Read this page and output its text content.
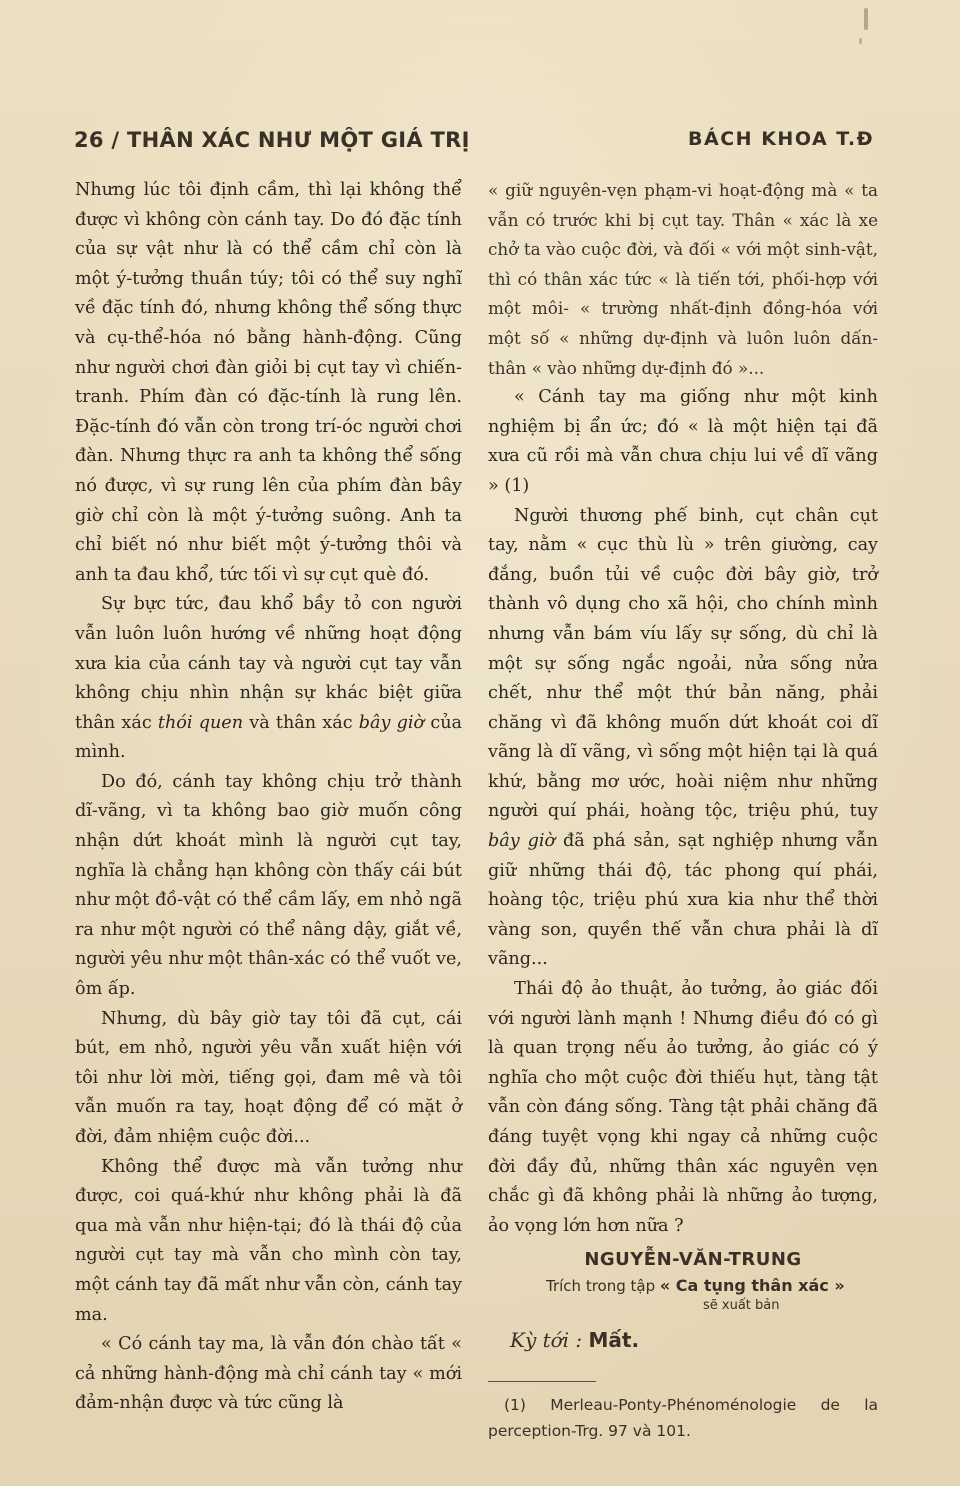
26 / THÂN XÁC NHƯ MỘT GIÁ TRỊ	BÁCH KHOA T.Đ

Nhưng lúc tôi định cầm, thì lại không thể được vì không còn cánh tay. Do đó đặc tính của sự vật như là có thể cầm chỉ còn là một ý-tưởng thuần túy; tôi có thể suy nghĩ về đặc tính đó, nhưng không thể sống thực và cụ-thể-hóa nó bằng hành-động. Cũng như người chơi đàn giỏi bị cụt tay vì chiến-tranh. Phím đàn có đặc-tính là rung lên. Đặc-tính đó vẫn còn trong trí-óc người chơi đàn. Nhưng thực ra anh ta không thể sống nó được, vì sự rung lên của phím đàn bây giờ chỉ còn là một ý-tưởng suông. Anh ta chỉ biết nó như biết một ý-tưởng thôi và anh ta đau khổ, tức tối vì sự cụt què đó.

Sự bực tức, đau khổ bầy tỏ con người vẫn luôn luôn hướng về những hoạt động xưa kia của cánh tay và người cụt tay vẫn không chịu nhìn nhận sự khác biệt giữa thân xác thói quen và thân xác bây giờ của mình.

Do đó, cánh tay không chịu trở thành dĩ-vãng, vì ta không bao giờ muốn công nhận dứt khoát mình là người cụt tay, nghĩa là chẳng hạn không còn thấy cái bút như một đồ-vật có thể cầm lấy, em nhỏ ngã ra như một người có thể nâng dậy, giắt về, người yêu như một thân-xác có thể vuốt ve, ôm ấp.

Nhưng, dù bây giờ tay tôi đã cụt, cái bút, em nhỏ, người yêu vẫn xuất hiện với tôi như lời mời, tiếng gọi, đam mê và tôi vẫn muốn ra tay, hoạt động để có mặt ở đời, đảm nhiệm cuộc đời...

Không thể được mà vẫn tưởng như được, coi quá-khứ như không phải là đã qua mà vẫn như hiện-tại; đó là thái độ của người cụt tay mà vẫn cho mình còn tay, một cánh tay đã mất như vẫn còn, cánh tay ma.

« Có cánh tay ma, là vẫn đón chào tất « cả những hành-động mà chỉ cánh tay « mới đảm-nhận được và tức cũng là

« giữ nguyên-vẹn phạm-vi hoạt-động mà « ta vẫn có trước khi bị cụt tay. Thân « xác là xe chở ta vào cuộc đời, và đối « với một sinh-vật, thì có thân xác tức « là tiến tới, phối-hợp với một môi- « trường nhất-định đồng-hóa với một số « những dự-định và luôn luôn dấn-thân « vào những dự-định đó »...

« Cánh tay ma giống như một kinh nghiệm bị ẩn ức; đó « là một hiện tại đã xưa cũ rồi mà vẫn chưa chịu lui về dĩ vãng » (1)

Người thương phế binh, cụt chân cụt tay, nằm « cục thù lù » trên giường, cay đắng, buồn tủi về cuộc đời bây giờ, trở thành vô dụng cho xã hội, cho chính mình nhưng vẫn bám víu lấy sự sống, dù chỉ là một sự sống ngắc ngoải, nửa sống nửa chết, như thể một thứ bản năng, phải chăng vì đã không muốn dứt khoát coi dĩ vãng là dĩ vãng, vì sống một hiện tại là quá khứ, bằng mơ ước, hoài niệm như những người quí phái, hoàng tộc, triệu phú, tuy bây giờ đã phá sản, sạt nghiệp nhưng vẫn giữ những thái độ, tác phong quí phái, hoàng tộc, triệu phú xưa kia như thể thời vàng son, quyền thế vẫn chưa phải là dĩ vãng...

Thái độ ảo thuật, ảo tưởng, ảo giác đối với người lành mạnh ! Nhưng điều đó có gì là quan trọng nếu ảo tưởng, ảo giác có ý nghĩa cho một cuộc đời thiếu hụt, tàng tật vẫn còn đáng sống. Tàng tật phải chăng đã đáng tuyệt vọng khi ngay cả những cuộc đời đầy đủ, những thân xác nguyên vẹn chắc gì đã không phải là những ảo tượng, ảo vọng lớn hơn nữa ?

NGUYỄN-VĂN-TRUNG
Trích trong tập « Ca tụng thân xác »
sẽ xuất bản
Kỳ tới : Mất.
(1) Merleau-Ponty-Phénoménologie de la perception-Trg. 97 và 101.
